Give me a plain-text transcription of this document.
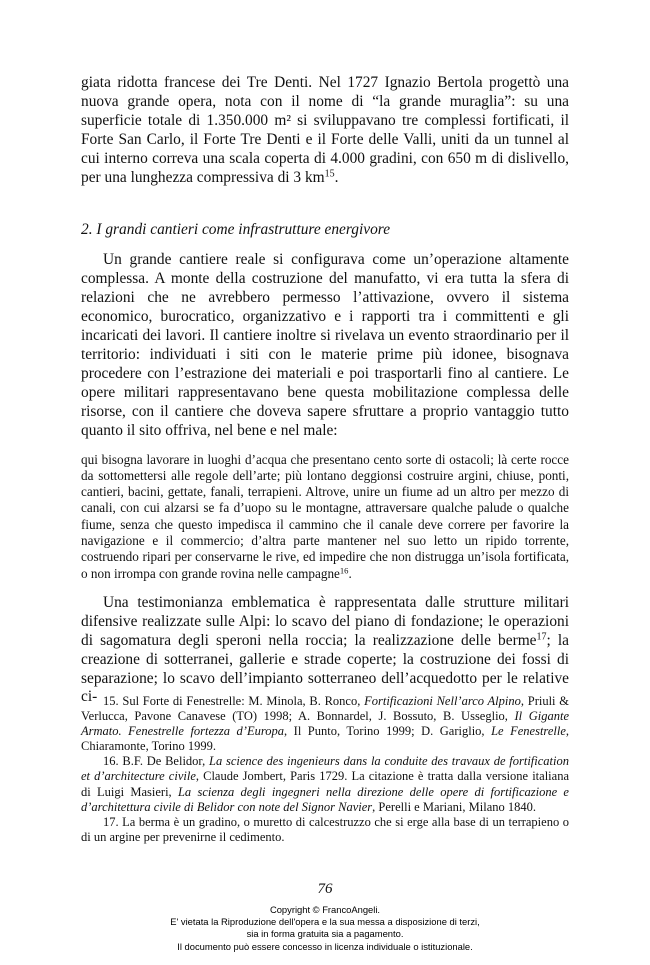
giata ridotta francese dei Tre Denti. Nel 1727 Ignazio Bertola progettò una nuova grande opera, nota con il nome di “la grande muraglia”: su una superficie totale di 1.350.000 m² si sviluppavano tre complessi fortificati, il Forte San Carlo, il Forte Tre Denti e il Forte delle Valli, uniti da un tunnel al cui interno correva una scala coperta di 4.000 gradini, con 650 m di dislivello, per una lunghezza compressiva di 3 $km^{15}$.

2. I grandi cantieri come infrastrutture energivore

Un grande cantiere reale si configurava come un’operazione altamente complessa. A monte della costruzione del manufatto, vi era tutta la sfera di relazioni che ne avrebbero permesso l’attivazione, ovvero il sistema economico, burocratico, organizzativo e i rapporti tra i committenti e gli incaricati dei lavori. Il cantiere inoltre si rivelava un evento straordinario per il territorio: individuati i siti con le materie prime più idonee, bisognava procedere con l’estrazione dei materiali e poi trasportarli fino al cantiere. Le opere militari rappresentavano bene questa mobilitazione complessa delle risorse, con il cantiere che doveva sapere sfruttare a proprio vantaggio tutto quanto il sito offriva, nel bene e nel male:

qui bisogna lavorare in luoghi d’acqua che presentano cento sorte di ostacoli; là certe rocce da sottomettersi alle regole dell’arte; più lontano deggionsi costruire argini, chiuse, ponti, cantieri, bacini, gettate, fanali, terrapieni. Altrove, unire un fiume ad un altro per mezzo di canali, con cui alzarsi se fa d’uopo su le montagne, attraversare qualche palude o qualche fiume, senza che questo impedisca il cammino che il canale deve correre per favorire la navigazione e il commercio; d’altra parte mantener nel suo letto un ripido torrente, costruendo ripari per conservarne le rive, ed impedire che non distrugga un’isola fortificata, o non irrompa con grande rovina nelle campagne$^{16}$.

Una testimonianza emblematica è rappresentata dalle strutture militari difensive realizzate sulle Alpi: lo scavo del piano di fondazione; le operazioni di sagomatura degli speroni nella roccia; la realizzazione delle berme$^{17}$; la creazione di sotterranei, gallerie e strade coperte; la costruzione dei fossi di separazione; lo scavo dell’impianto sotterraneo dell’acquedotto per le relative ci- 15. Sul Forte di Fenestrelle: M. Minola, B. Ronco, Fortificazioni Nell’arco Alpino, Priuli & Verlucca, Pavone Canavese (TO) 1998; A. Bonnardel, J. Bossuto, B. Usseglio, Il Gigante Armato. Fenestrelle fortezza d’Europa, Il Punto, Torino 1999; D. Gariglio, Le Fenestrelle, Chiaramonte, Torino 1999.

16. B.F. De Belidor, La science des ingenieurs dans la conduite des travaux de fortification et d’architecture civile, Claude Jombert, Paris 1729. La citazione è tratta dalla versione italiana di Luigi Masieri, La scienza degli ingegneri nella direzione delle opere di fortificazione e d’architettura civile di Belidor con note del Signor Navier, Perelli e Mariani, Milano 1840.

17. La berma è un gradino, o muretto di calcestruzzo che si erge alla base di un terrapieno o di un argine per prevenirne il cedimento.

76
Copyright © FrancoAngeli.
E' vietata la Riproduzione dell'opera e la sua messa a disposizione di terzi,
sia in forma gratuita sia a pagamento.
Il documento può essere concesso in licenza individuale o istituzionale.
